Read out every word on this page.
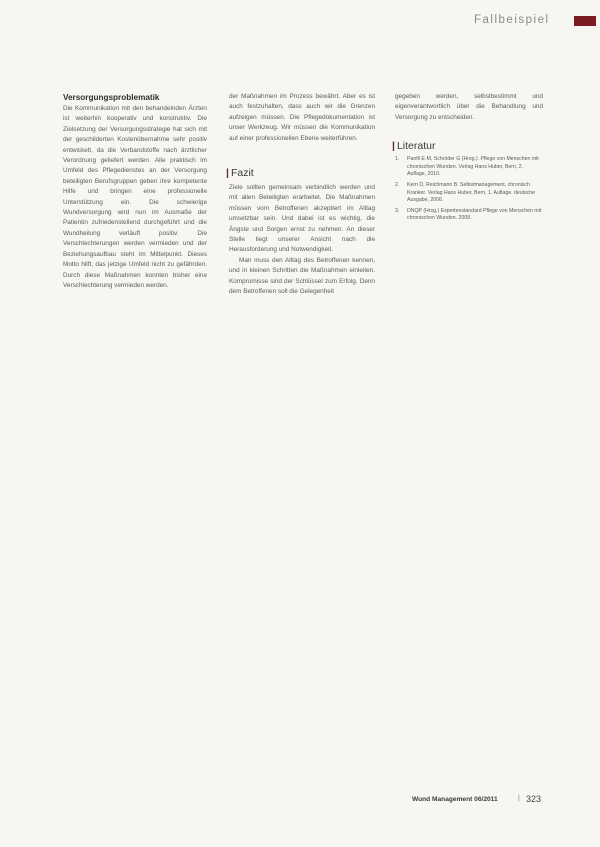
Fallbeispiel
Versorgungsproblematik

Die Kommunikation mit den behandelnden Ärzten ist weiterhin kooperativ und konstruktiv. Die Zielsetzung der Versorgungsstrategie hat sich mit der geschilderten Kostenübernahme sehr positiv entwickelt, da die Verbandstoffe nach ärztlicher Verordnung geliefert werden. Alle praktisch im Umfeld des Pflegedienstes an der Versorgung beteiligten Berufsgruppen geben ihre kompetente Hilfe und bringen eine professionelle Unterstützung ein. Die schwierige Wundversorgung wird nun im Ausmaße der Patientin zufriedenstellend durchgeführt und die Wundheilung verläuft positiv. Die Verschlechterungen werden vermieden und der Beziehungsaufbau steht im Mittelpunkt. Dieses Motto hilft, das jetzige Umfeld nicht zu gefährden. Durch diese Maßnahmen konnten bisher eine Verschlechterung vermieden werden.

der Maßnahmen im Prozess bewährt. Aber es ist auch festzuhalten, dass auch wir die Grenzen aufzeigen müssen. Die Pflegedokumentation ist unser Werkzeug. Wir müssen die Kommunikation auf einer professionellen Ebene weiterführen.

| Fazit

Ziele sollten gemeinsam verbindlich werden und mit allen Beteiligten erarbeitet. Die Maßnahmen müssen vom Betroffenen akzeptiert im Alltag umsetzbar sein. Und dabei ist es wichtig, die Ängste und Sorgen ernst zu nehmen. An dieser Stelle liegt unserer Ansicht nach die Herausforderung und Notwendigkeit.

Man muss den Alltag des Betroffenen kennen, und in kleinen Schritten die Maßnahmen einleiten. Kompromisse sind der Schlüssel zum Erfolg. Denn dem Betroffenen soll die Gelegenheit

gegeben werden, selbstbestimmt und eigenverantwortlich über die Behandlung und Versorgung zu entscheiden.

| Literatur
1. Panfil E-M, Schröder G (Hrsg.). Pflege von Menschen mit chronischen Wunden. Verlag Hans Huber, Bern, 2. Auflage, 2010.
2. Kern D, Reichmann B. Selbstmanagement, chronisch Kranker. Verlag Hans Huber, Bern, 1. Auflage. deutsche Ausgabe, 2006.
3. DNQP (Hrsg.) Expertenstandard Pflege von Menschen mit chronischen Wunden. 2008.
Wund Management 06/2011	| 323
